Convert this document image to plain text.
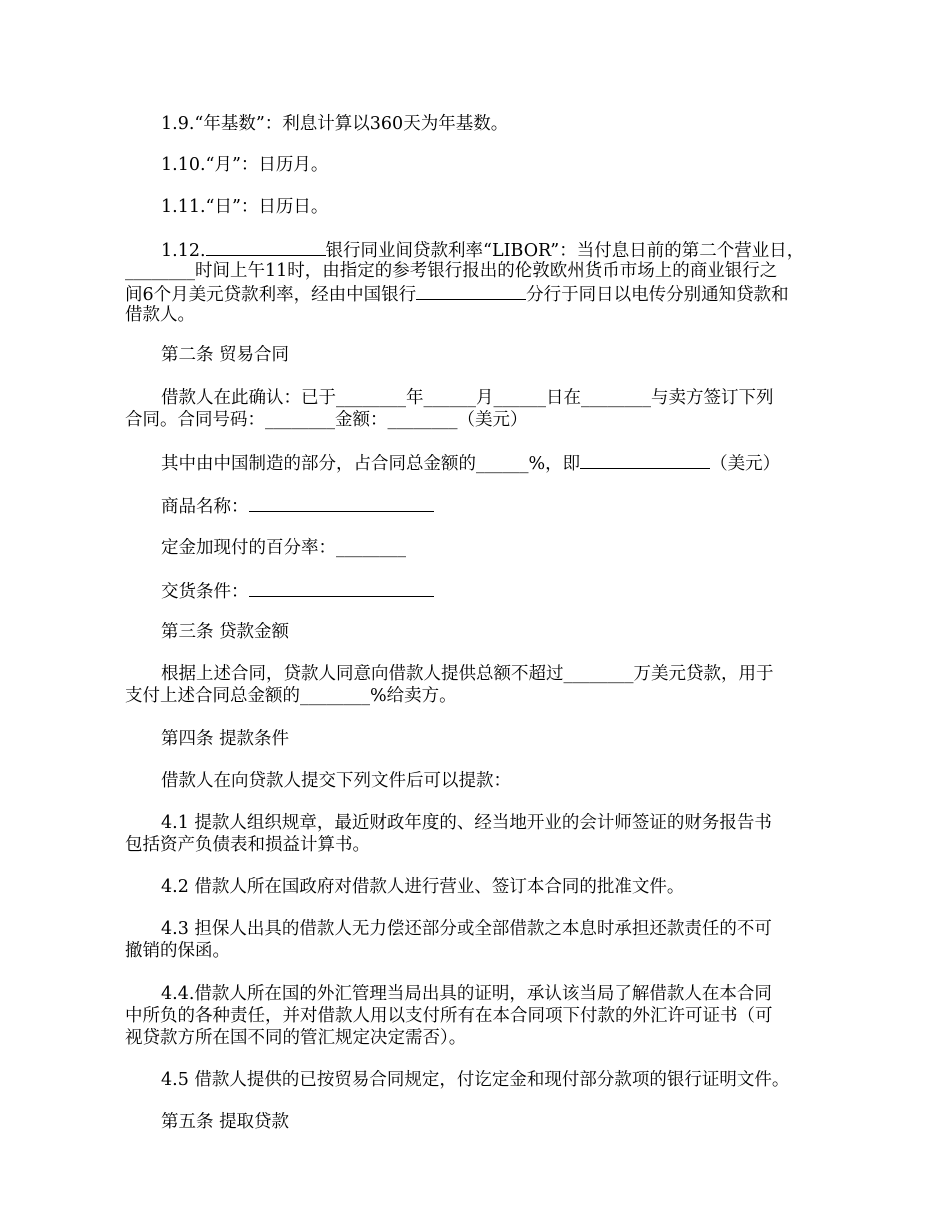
1.9.“年基数”：利息计算以360天为年基数。
1.10.“月”：日历月。
1.11.“日”：日历日。
1.12.	银行同业间贷款利率“LIBOR”：当付息日前的第二个营业日，
________时间上午11时，由指定的参考银行报出的伦敦欧州货币市场上的商业银行之
间6个月美元贷款利率，经由中国银行	分行于同日以电传分别通知贷款和
借款人。
第二条 贸易合同
借款人在此确认：已于________年______月______日在________与卖方签订下列
合同。合同号码：________金额：________（美元）
其中由中国制造的部分，占合同总金额的______%，即	（美元）
商品名称：
定金加现付的百分率：________
交货条件：
第三条 贷款金额
根据上述合同，贷款人同意向借款人提供总额不超过________万美元贷款，用于
支付上述合同总金额的________%给卖方。
第四条 提款条件
借款人在向贷款人提交下列文件后可以提款：
4.1 提款人组织规章，最近财政年度的、经当地开业的会计师签证的财务报告书
包括资产负债表和损益计算书。
4.2 借款人所在国政府对借款人进行营业、签订本合同的批准文件。
4.3 担保人出具的借款人无力偿还部分或全部借款之本息时承担还款责任的不可
撤销的保函。
4.4.借款人所在国的外汇管理当局出具的证明，承认该当局了解借款人在本合同
中所负的各种责任，并对借款人用以支付所有在本合同项下付款的外汇许可证书（可
视贷款方所在国不同的管汇规定决定需否）。
4.5 借款人提供的已按贸易合同规定，付讫定金和现付部分款项的银行证明文件。
第五条 提取贷款
